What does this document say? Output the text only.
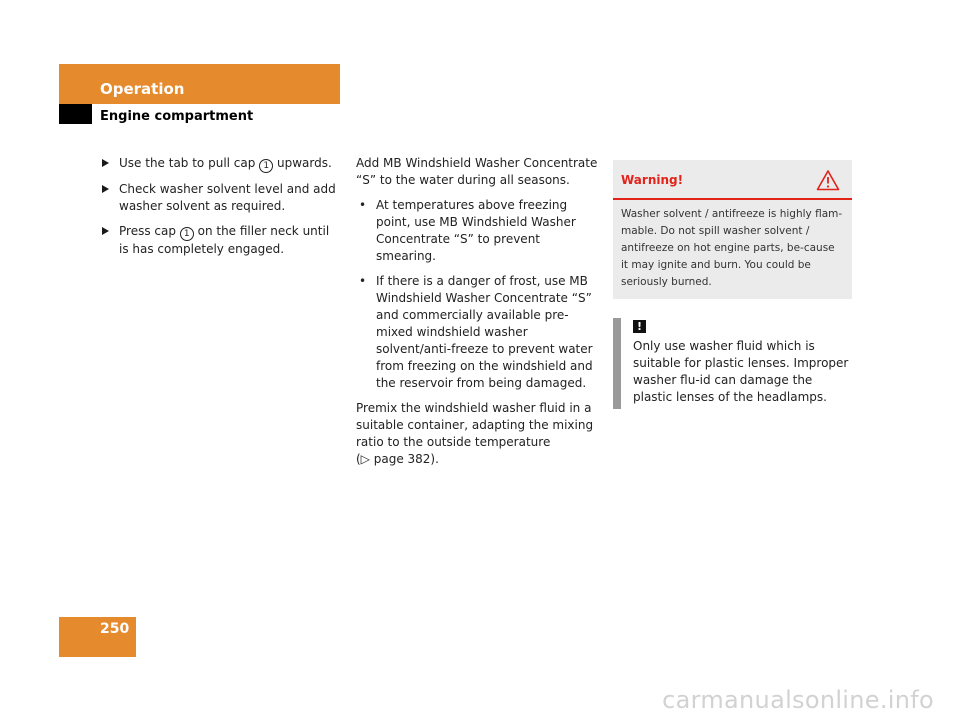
Operation
Engine compartment
Use the tab to pull cap 1 upwards.
Check washer solvent level and add washer solvent as required.
Press cap 1 on the filler neck until is has completely engaged.

Add MB Windshield Washer Concentrate “S” to the water during all seasons.

• At temperatures above freezing point, use MB Windshield Washer Concentrate “S” to prevent smearing.
• If there is a danger of frost, use MB Windshield Washer Concentrate “S” and commercially available pre-mixed windshield washer solvent/anti-freeze to prevent water from freezing on the windshield and the reservoir from being damaged.

Premix the windshield washer fluid in a suitable container, adapting the mixing ratio to the outside temperature
(▷ page 382).

Warning!
Washer solvent / antifreeze is highly flam-mable. Do not spill washer solvent / antifreeze on hot engine parts, be-cause it may ignite and burn. You could be seriously burned.
!
Only use washer fluid which is suitable for plastic lenses. Improper washer flu-id can damage the plastic lenses of the headlamps.
250
carmanualsonline.info
